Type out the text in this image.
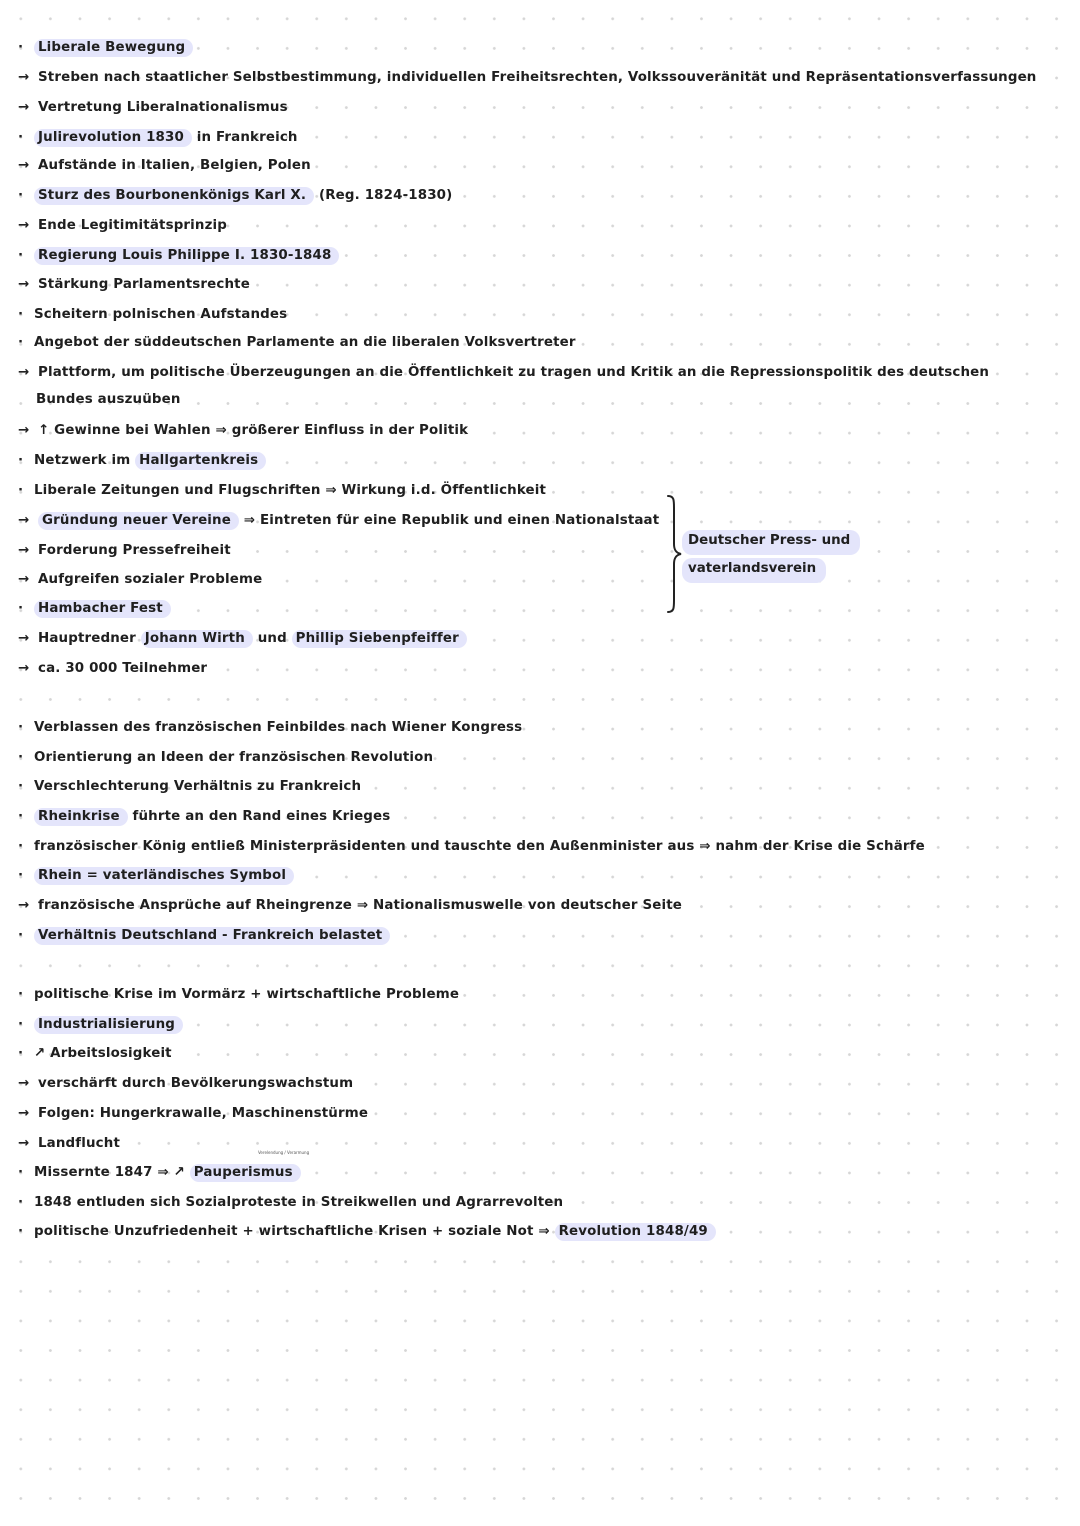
· Liberale Bewegung
→ Streben nach staatlicher Selbstbestimmung, individuellen Freiheitsrechten, Volkssouveränität und Repräsentationsverfassungen
→ Vertretung Liberalnationalismus
· Julirevolution 1830 in Frankreich
→ Aufstände in Italien, Belgien, Polen
· Sturz des Bourbonenkönigs Karl X. (Reg. 1824-1830)
→ Ende Legitimitätsprinzip
· Regierung Louis Philippe I. 1830-1848
→ Stärkung Parlamentsrechte
· Scheitern polnischen Aufstandes
· Angebot der süddeutschen Parlamente an die liberalen Volksvertreter
→ Plattform, um politische Überzeugungen an die Öffentlichkeit zu tragen und Kritik an die Repressionspolitik des deutschen
Bundes auszuüben
→ ↑ Gewinne bei Wahlen ⇒ größerer Einfluss in der Politik
· Netzwerk im Hallgartenkreis
· Liberale Zeitungen und Flugschriften ⇒ Wirkung i.d. Öffentlichkeit
→ Gründung neuer Vereine ⇒ Eintreten für eine Republik und einen Nationalstaat
→ Forderung Pressefreiheit
→ Aufgreifen sozialer Probleme
· Hambacher Fest
→ Hauptredner Johann Wirth und Phillip Siebenpfeiffer
→ ca. 30 000 Teilnehmer
· Verblassen des französischen Feinbildes nach Wiener Kongress
· Orientierung an Ideen der französischen Revolution
· Verschlechterung Verhältnis zu Frankreich
· Rheinkrise führte an den Rand eines Krieges
· französischer König entließ Ministerpräsidenten und tauschte den Außenminister aus ⇒ nahm der Krise die Schärfe
· Rhein = vaterländisches Symbol
→ französische Ansprüche auf Rheingrenze ⇒ Nationalismuswelle von deutscher Seite
· Verhältnis Deutschland - Frankreich belastet
· politische Krise im Vormärz + wirtschaftliche Probleme
· Industrialisierung
· ↗ Arbeitslosigkeit
→ verschärft durch Bevölkerungswachstum
→ Folgen: Hungerkrawalle, Maschinenstürme
→ Landflucht
· Missernte 1847 ⇒ ↗ Pauperismus
· 1848 entluden sich Sozialproteste in Streikwellen und Agrarrevolten
· politische Unzufriedenheit + wirtschaftliche Krisen + soziale Not ⇒ Revolution 1848/49
Deutscher Press- und
vaterlandsverein
Verelendung / Verarmung
